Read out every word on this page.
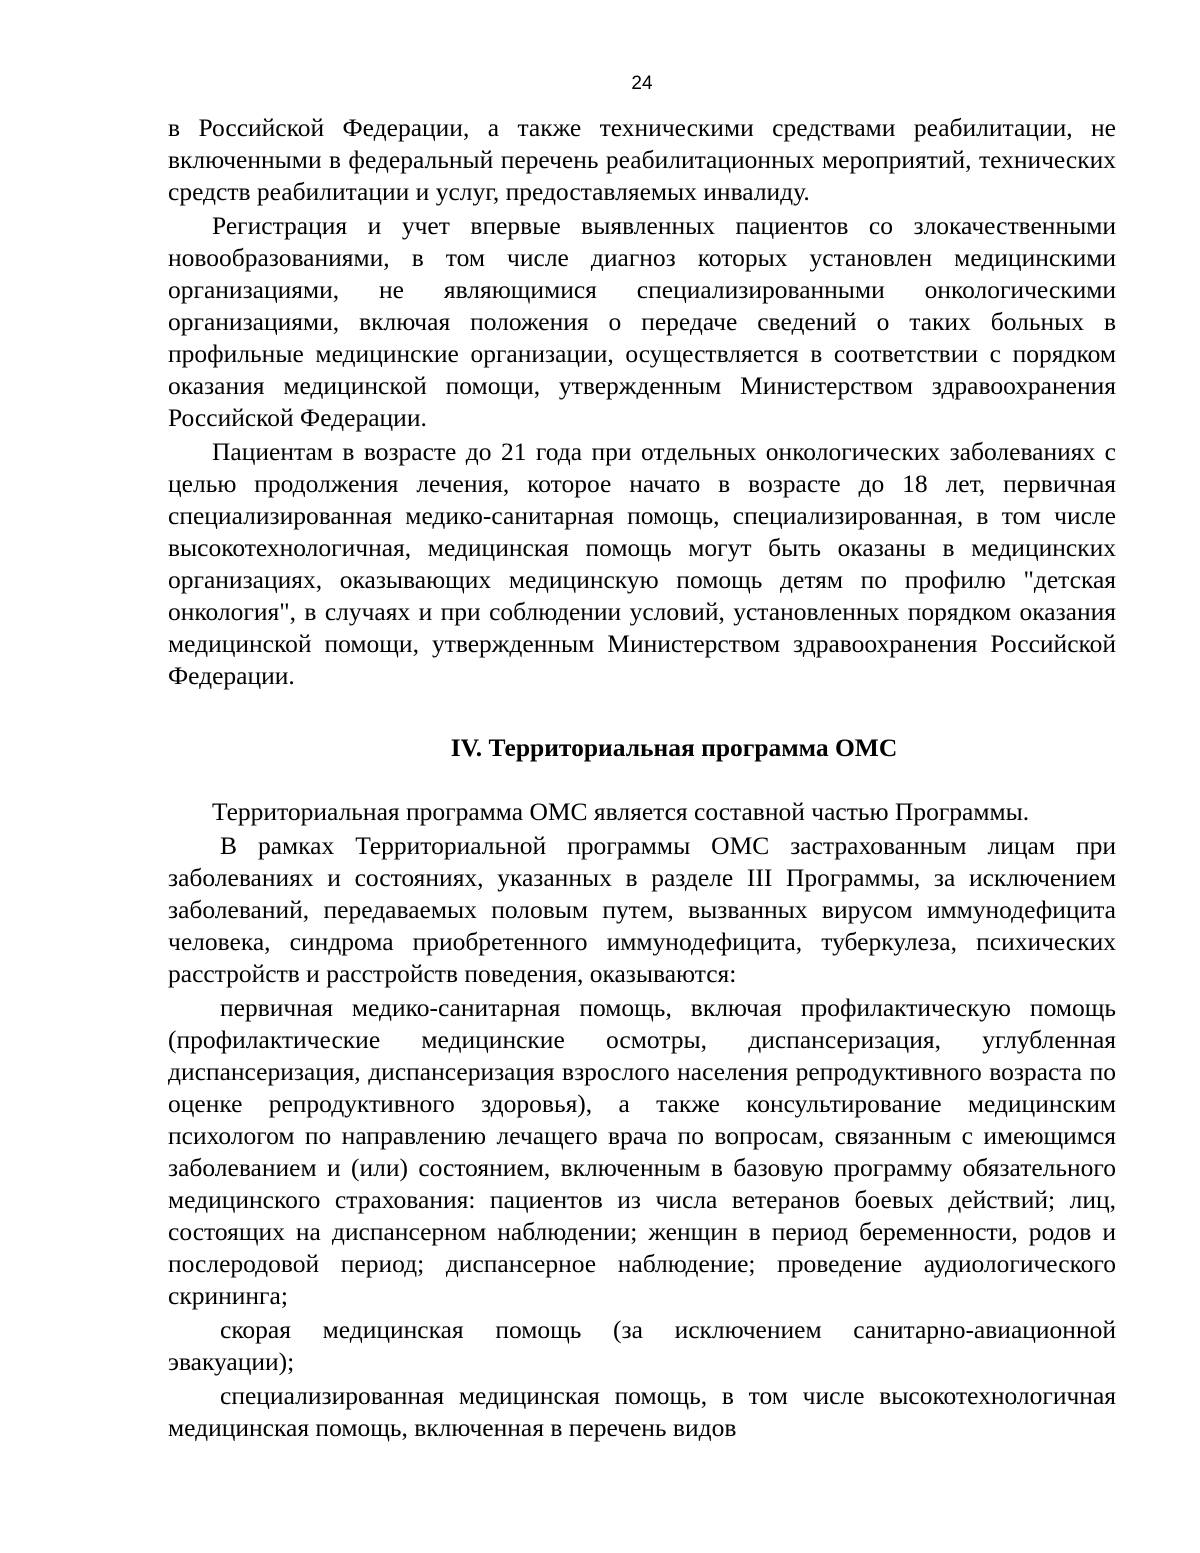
24

в Российской Федерации, а также техническими средствами реабилитации, не включенными в федеральный перечень реабилитационных мероприятий, технических средств реабилитации и услуг, предоставляемых инвалиду.

Регистрация и учет впервые выявленных пациентов со злокачественными новообразованиями, в том числе диагноз которых установлен медицинскими организациями, не являющимися специализированными онкологическими организациями, включая положения о передаче сведений о таких больных в профильные медицинские организации, осуществляется в соответствии с порядком оказания медицинской помощи, утвержденным Министерством здравоохранения Российской Федерации.

Пациентам в возрасте до 21 года при отдельных онкологических заболеваниях с целью продолжения лечения, которое начато в возрасте до 18 лет, первичная специализированная медико-санитарная помощь, специализированная, в том числе высокотехнологичная, медицинская помощь могут быть оказаны в медицинских организациях, оказывающих медицинскую помощь детям по профилю "детская онкология", в случаях и при соблюдении условий, установленных порядком оказания медицинской помощи, утвержденным Министерством здравоохранения Российской Федерации.

IV. Территориальная программа ОМС

Территориальная программа ОМС является составной частью Программы.

В рамках Территориальной программы ОМС застрахованным лицам при заболеваниях и состояниях, указанных в разделе III Программы, за исключением заболеваний, передаваемых половым путем, вызванных вирусом иммунодефицита человека, синдрома приобретенного иммунодефицита, туберкулеза, психических расстройств и расстройств поведения, оказываются:

первичная медико-санитарная помощь, включая профилактическую помощь (профилактические медицинские осмотры, диспансеризация, углубленная диспансеризация, диспансеризация взрослого населения репродуктивного возраста по оценке репродуктивного здоровья), а также консультирование медицинским психологом по направлению лечащего врача по вопросам, связанным с имеющимся заболеванием и (или) состоянием, включенным в базовую программу обязательного медицинского страхования: пациентов из числа ветеранов боевых действий; лиц, состоящих на диспансерном наблюдении; женщин в период беременности, родов и послеродовой период; диспансерное наблюдение; проведение аудиологического скрининга;

скорая медицинская помощь (за исключением санитарно-авиационной эвакуации);

специализированная медицинская помощь, в том числе высокотехнологичная медицинская помощь, включенная в перечень видов
